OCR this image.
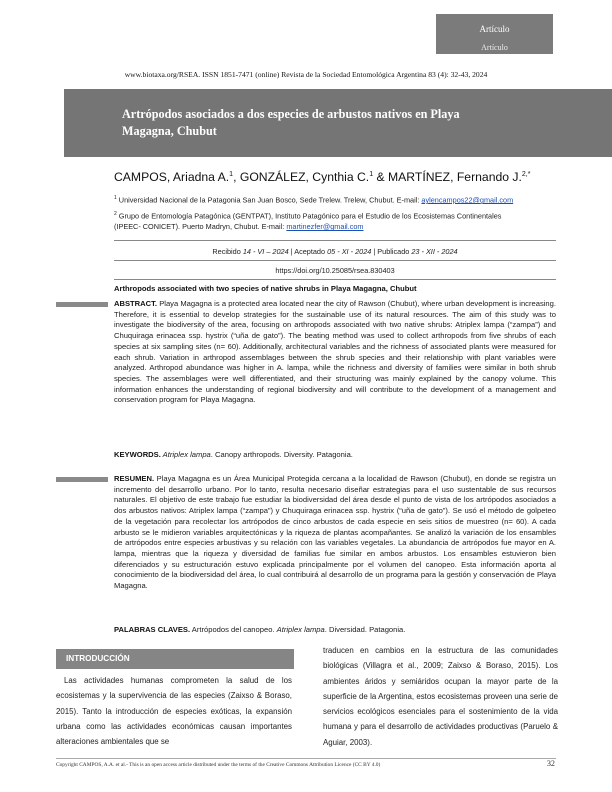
Artículo
Artículo
www.biotaxa.org/RSEA. ISSN 1851-7471 (online) Revista de la Sociedad Entomológica Argentina 83 (4): 32-43, 2024
Artrópodos asociados a dos especies de arbustos nativos en Playa
Magagna, Chubut
CAMPOS, Ariadna A.$^1$, GONZÁLEZ, Cynthia C.$^1$ & MARTÍNEZ, Fernando J.$^{2,*}$
$^1$ Universidad Nacional de la Patagonia San Juan Bosco, Sede Trelew. Trelew, Chubut. E-mail: aylencampos22@gmail.com
$^2$ Grupo de Entomología Patagónica (GENTPAT), Instituto Patagónico para el Estudio de los Ecosistemas Continentales
(IPEEC- CONICET). Puerto Madryn, Chubut. E-mail: martinezfer@gmail.com
Recibido 14 - VI – 2024 | Aceptado 05 - XI - 2024 | Publicado 23 - XII - 2024
https://doi.org/10.25085/rsea.830403
Arthropods associated with two species of native shrubs in Playa Magagna, Chubut
ABSTRACT. Playa Magagna is a protected area located near the city of Rawson (Chubut), where urban development is increasing. Therefore, it is essential to develop strategies for the sustainable use of its natural resources. The aim of this study was to investigate the biodiversity of the area, focusing on arthropods associated with two native shrubs: Atriplex lampa (“zampa”) and Chuquiraga erinacea ssp. hystrix (“uña de gato”). The beating method was used to collect arthropods from five shrubs of each species at six sampling sites (n= 60). Additionally, architectural variables and the richness of associated plants were measured for each shrub. Variation in arthropod assemblages between the shrub species and their relationship with plant variables were analyzed. Arthropod abundance was higher in A. lampa, while the richness and diversity of families were similar in both shrub species. The assemblages were well differentiated, and their structuring was mainly explained by the canopy volume. This information enhances the understanding of regional biodiversity and will contribute to the development of a management and conservation program for Playa Magagna.
KEYWORDS. Atriplex lampa. Canopy arthropods. Diversity. Patagonia.
RESUMEN. Playa Magagna es un Área Municipal Protegida cercana a la localidad de Rawson (Chubut), en donde se registra un incremento del desarrollo urbano. Por lo tanto, resulta necesario diseñar estrategias para el uso sustentable de sus recursos naturales. El objetivo de este trabajo fue estudiar la biodiversidad del área desde el punto de vista de los artrópodos asociados a dos arbustos nativos: Atriplex lampa (“zampa”) y Chuquiraga erinacea ssp. hystrix (“uña de gato”). Se usó el método de golpeteo de la vegetación para recolectar los artrópodos de cinco arbustos de cada especie en seis sitios de muestreo (n= 60). A cada arbusto se le midieron variables arquitectónicas y la riqueza de plantas acompañantes. Se analizó la variación de los ensambles de artrópodos entre especies arbustivas y su relación con las variables vegetales. La abundancia de artrópodos fue mayor en A. lampa, mientras que la riqueza y diversidad de familias fue similar en ambos arbustos. Los ensambles estuvieron bien diferenciados y su estructuración estuvo explicada principalmente por el volumen del canopeo. Esta información aporta al conocimiento de la biodiversidad del área, lo cual contribuirá al desarrollo de un programa para la gestión y conservación de Playa Magagna.
PALABRAS CLAVES. Artrópodos del canopeo. Atriplex lampa. Diversidad. Patagonia.
INTRODUCCIÓN

Las actividades humanas comprometen la salud de los ecosistemas y la supervivencia de las especies (Zaixso & Boraso, 2015). Tanto la introducción de especies exóticas, la expansión urbana como las actividades económicas causan importantes alteraciones ambientales que se

traducen en cambios en la estructura de las comunidades biológicas (Villagra et al., 2009; Zaixso & Boraso, 2015). Los ambientes áridos y semiáridos ocupan la mayor parte de la superficie de la Argentina, estos ecosistemas proveen una serie de servicios ecológicos esenciales para el sostenimiento de la vida humana y para el desarrollo de actividades productivas (Paruelo & Aguiar, 2003).

Copyright CAMPOS, A.A. et al.- This is an open access article distributed under the terms of the Creative Commons Attribution Licence (CC BY 4.0)	32
